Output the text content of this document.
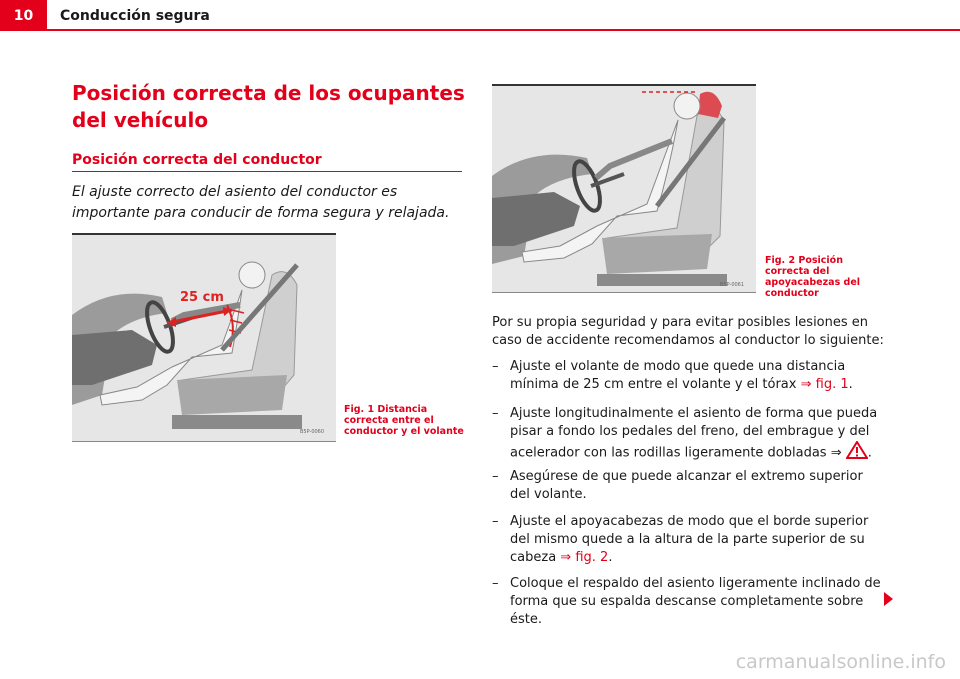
10	Conducción segura
Posición correcta de los ocupantes del vehículo
Posición correcta del conductor
El ajuste correcto del asiento del conductor es importante para conducir de forma segura y relajada.
25 cm
B5P-0060
Fig. 1 Distancia correcta entre el conductor y el volante
B5P-0061
Fig. 2 Posición correcta del apoyacabezas del conductor
Por su propia seguridad y para evitar posibles lesiones en caso de accidente recomendamos al conductor lo siguiente:
– Ajuste el volante de modo que quede una distancia mínima de 25 cm entre el volante y el tórax ⇒ fig. 1.
– Ajuste longitudinalmente el asiento de forma que pueda pisar a fondo los pedales del freno, del embrague y del acelerador con las rodillas ligeramente dobladas ⇒ .
– Asegúrese de que puede alcanzar el extremo superior del volante.
– Ajuste el apoyacabezas de modo que el borde superior del mismo quede a la altura de la parte superior de su cabeza ⇒ fig. 2.
– Coloque el respaldo del asiento ligeramente inclinado de forma que su espalda descanse completamente sobre éste.
carmanualsonline.info
